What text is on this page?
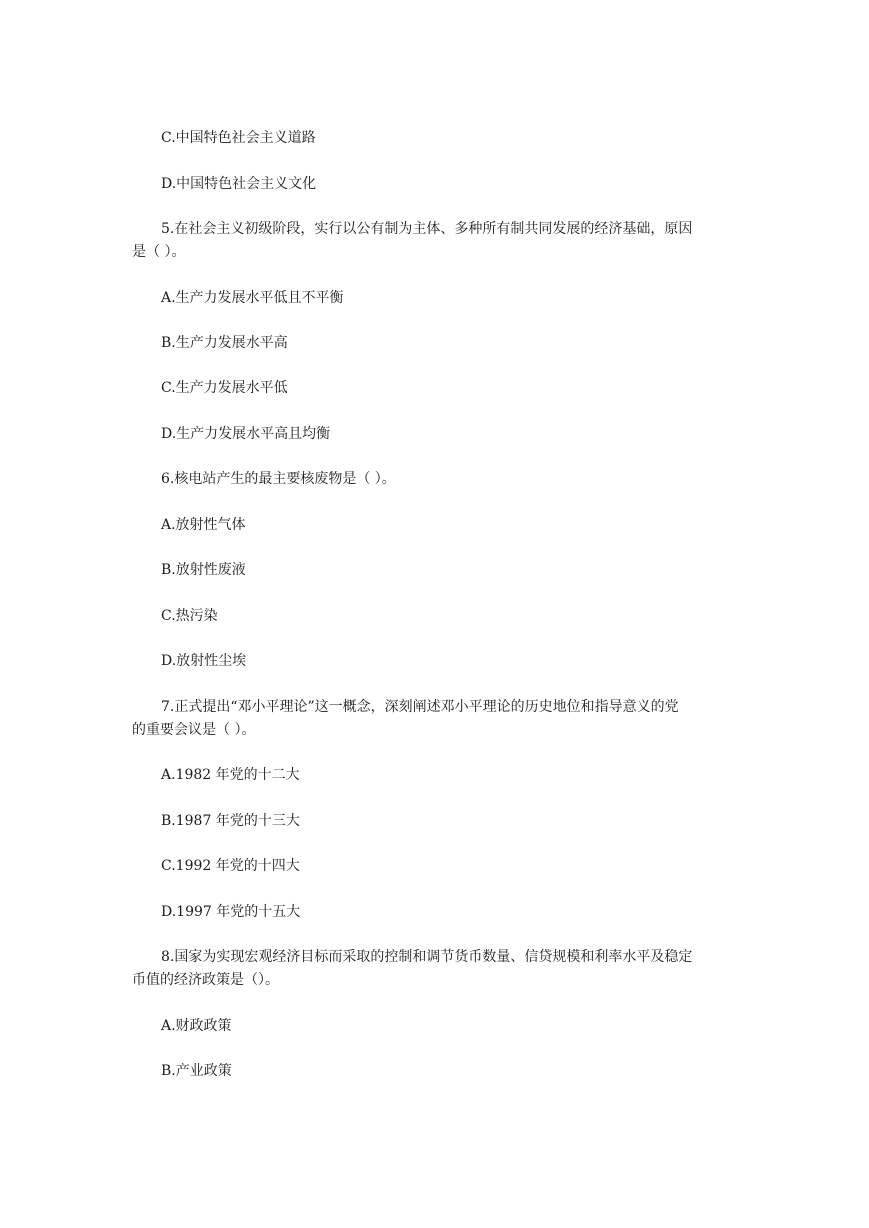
C.中国特色社会主义道路

D.中国特色社会主义文化

5.在社会主义初级阶段，实行以公有制为主体、多种所有制共同发展的经济基础，原因

是（ ）。

A.生产力发展水平低且不平衡

B.生产力发展水平高

C.生产力发展水平低

D.生产力发展水平高且均衡

6.核电站产生的最主要核废物是（ ）。

A.放射性气体

B.放射性废液

C.热污染

D.放射性尘埃

7.正式提出“邓小平理论”这一概念，深刻阐述邓小平理论的历史地位和指导意义的党

的重要会议是（ ）。

A.1982 年党的十二大

B.1987 年党的十三大

C.1992 年党的十四大

D.1997 年党的十五大

8.国家为实现宏观经济目标而采取的控制和调节货币数量、信贷规模和利率水平及稳定

币值的经济政策是（）。

A.财政政策

B.产业政策
